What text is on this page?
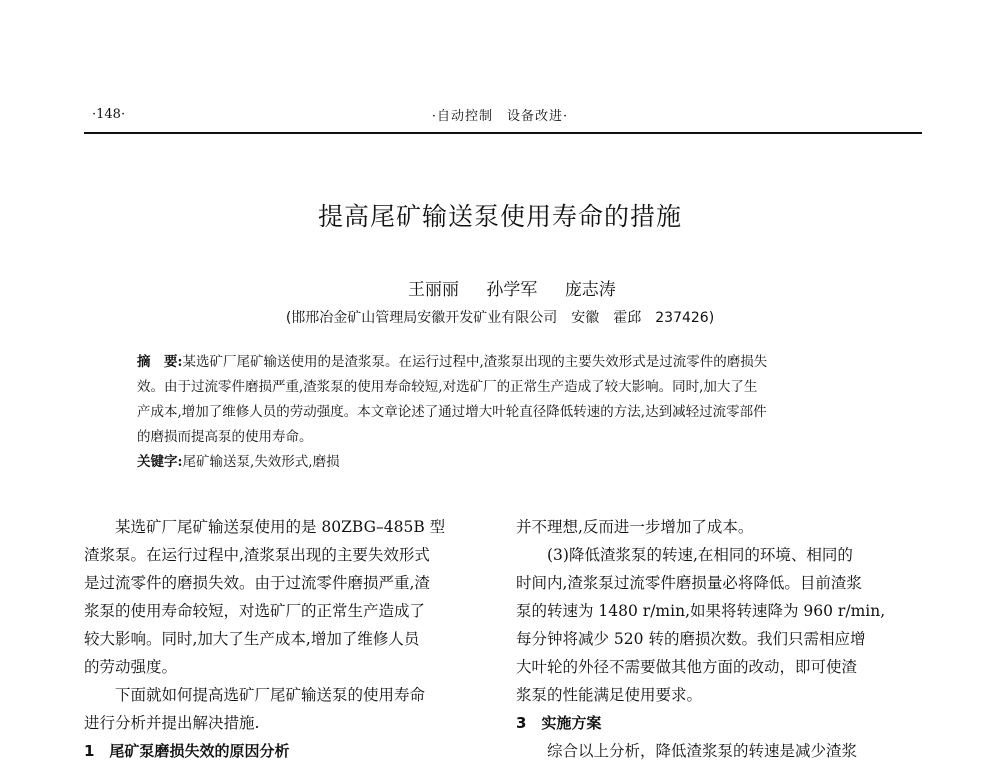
·148·	·自动控制　设备改进·
提高尾矿输送泵使用寿命的措施
王丽丽 孙学军 庞志涛
(邯邢冶金矿山管理局安徽开发矿业有限公司　安徽　霍邱　237426)
摘　要:某选矿厂尾矿输送使用的是渣浆泵。在运行过程中,渣浆泵出现的主要失效形式是过流零件的磨损失
效。由于过流零件磨损严重,渣浆泵的使用寿命较短,对选矿厂的正常生产造成了较大影响。同时,加大了生
产成本,增加了维修人员的劳动强度。本文章论述了通过增大叶轮直径降低转速的方法,达到减轻过流零部件
的磨损而提高泵的使用寿命。
关键字:尾矿输送泵,失效形式,磨损
某选矿厂尾矿输送泵使用的是 80ZBG–485B 型
渣浆泵。在运行过程中,渣浆泵出现的主要失效形式
是过流零件的磨损失效。由于过流零件磨损严重,渣
浆泵的使用寿命较短，对选矿厂的正常生产造成了
较大影响。同时,加大了生产成本,增加了维修人员
的劳动强度。
下面就如何提高选矿厂尾矿输送泵的使用寿命
进行分析并提出解决措施.
1　尾矿泵磨损失效的原因分析
并不理想,反而进一步增加了成本。
(3)降低渣浆泵的转速,在相同的环境、相同的
时间内,渣浆泵过流零件磨损量必将降低。目前渣浆
泵的转速为 1480 r/min,如果将转速降为 960 r/min,
每分钟将减少 520 转的磨损次数。我们只需相应增
大叶轮的外径不需要做其他方面的改动，即可使渣
浆泵的性能满足使用要求。
3　实施方案
综合以上分析，降低渣浆泵的转速是减少渣浆
